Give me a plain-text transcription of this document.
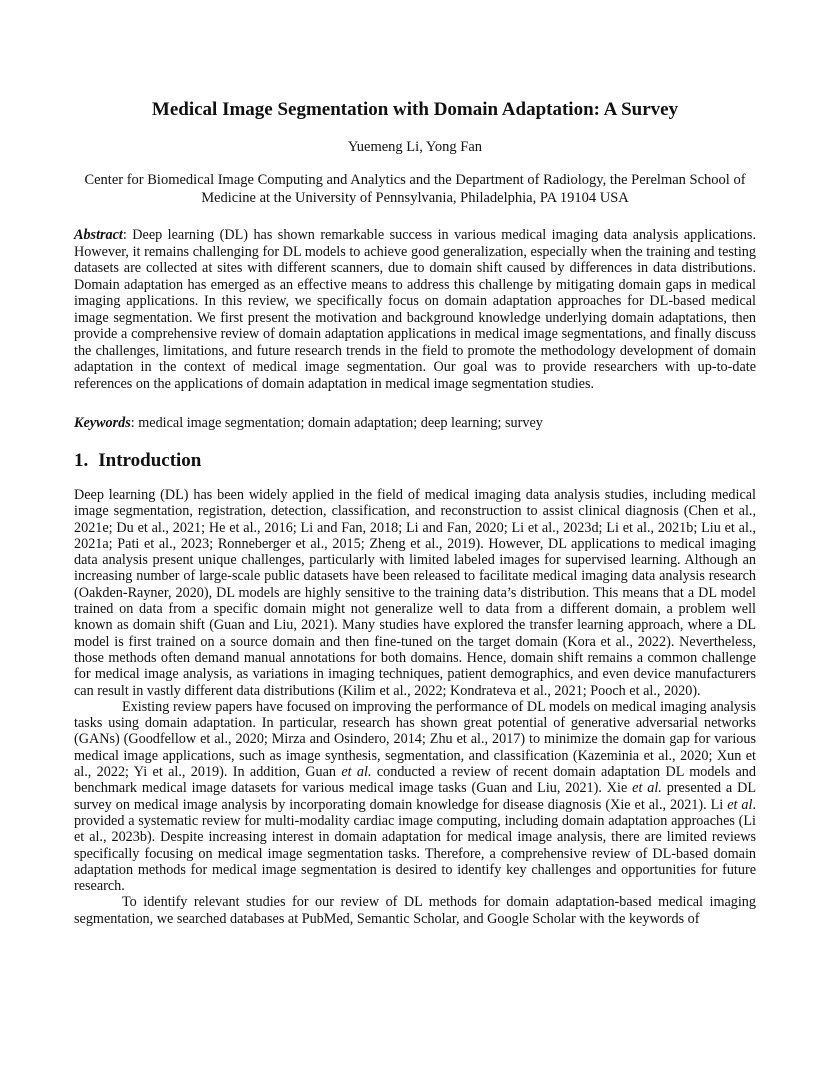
Medical Image Segmentation with Domain Adaptation: A Survey

Yuemeng Li, Yong Fan

Center for Biomedical Image Computing and Analytics and the Department of Radiology, the Perelman School of Medicine at the University of Pennsylvania, Philadelphia, PA 19104 USA

Abstract: Deep learning (DL) has shown remarkable success in various medical imaging data analysis applications. However, it remains challenging for DL models to achieve good generalization, especially when the training and testing datasets are collected at sites with different scanners, due to domain shift caused by differences in data distributions. Domain adaptation has emerged as an effective means to address this challenge by mitigating domain gaps in medical imaging applications. In this review, we specifically focus on domain adaptation approaches for DL-based medical image segmentation. We first present the motivation and background knowledge underlying domain adaptations, then provide a comprehensive review of domain adaptation applications in medical image segmentations, and finally discuss the challenges, limitations, and future research trends in the field to promote the methodology development of domain adaptation in the context of medical image segmentation. Our goal was to provide researchers with up-to-date references on the applications of domain adaptation in medical image segmentation studies.

Keywords: medical image segmentation; domain adaptation; deep learning; survey

1. Introduction

Deep learning (DL) has been widely applied in the field of medical imaging data analysis studies, including medical image segmentation, registration, detection, classification, and reconstruction to assist clinical diagnosis (Chen et al., 2021e; Du et al., 2021; He et al., 2016; Li and Fan, 2018; Li and Fan, 2020; Li et al., 2023d; Li et al., 2021b; Liu et al., 2021a; Pati et al., 2023; Ronneberger et al., 2015; Zheng et al., 2019). However, DL applications to medical imaging data analysis present unique challenges, particularly with limited labeled images for supervised learning. Although an increasing number of large-scale public datasets have been released to facilitate medical imaging data analysis research (Oakden-Rayner, 2020), DL models are highly sensitive to the training data’s distribution. This means that a DL model trained on data from a specific domain might not generalize well to data from a different domain, a problem well known as domain shift (Guan and Liu, 2021). Many studies have explored the transfer learning approach, where a DL model is first trained on a source domain and then fine-tuned on the target domain (Kora et al., 2022). Nevertheless, those methods often demand manual annotations for both domains. Hence, domain shift remains a common challenge for medical image analysis, as variations in imaging techniques, patient demographics, and even device manufacturers can result in vastly different data distributions (Kilim et al., 2022; Kondrateva et al., 2021; Pooch et al., 2020).

Existing review papers have focused on improving the performance of DL models on medical imaging analysis tasks using domain adaptation. In particular, research has shown great potential of generative adversarial networks (GANs) (Goodfellow et al., 2020; Mirza and Osindero, 2014; Zhu et al., 2017) to minimize the domain gap for various medical image applications, such as image synthesis, segmentation, and classification (Kazeminia et al., 2020; Xun et al., 2022; Yi et al., 2019). In addition, Guan et al. conducted a review of recent domain adaptation DL models and benchmark medical image datasets for various medical image tasks (Guan and Liu, 2021). Xie et al. presented a DL survey on medical image analysis by incorporating domain knowledge for disease diagnosis (Xie et al., 2021). Li et al. provided a systematic review for multi-modality cardiac image computing, including domain adaptation approaches (Li et al., 2023b). Despite increasing interest in domain adaptation for medical image analysis, there are limited reviews specifically focusing on medical image segmentation tasks. Therefore, a comprehensive review of DL-based domain adaptation methods for medical image segmentation is desired to identify key challenges and opportunities for future research.

To identify relevant studies for our review of DL methods for domain adaptation-based medical imaging segmentation, we searched databases at PubMed, Semantic Scholar, and Google Scholar with the keywords of
